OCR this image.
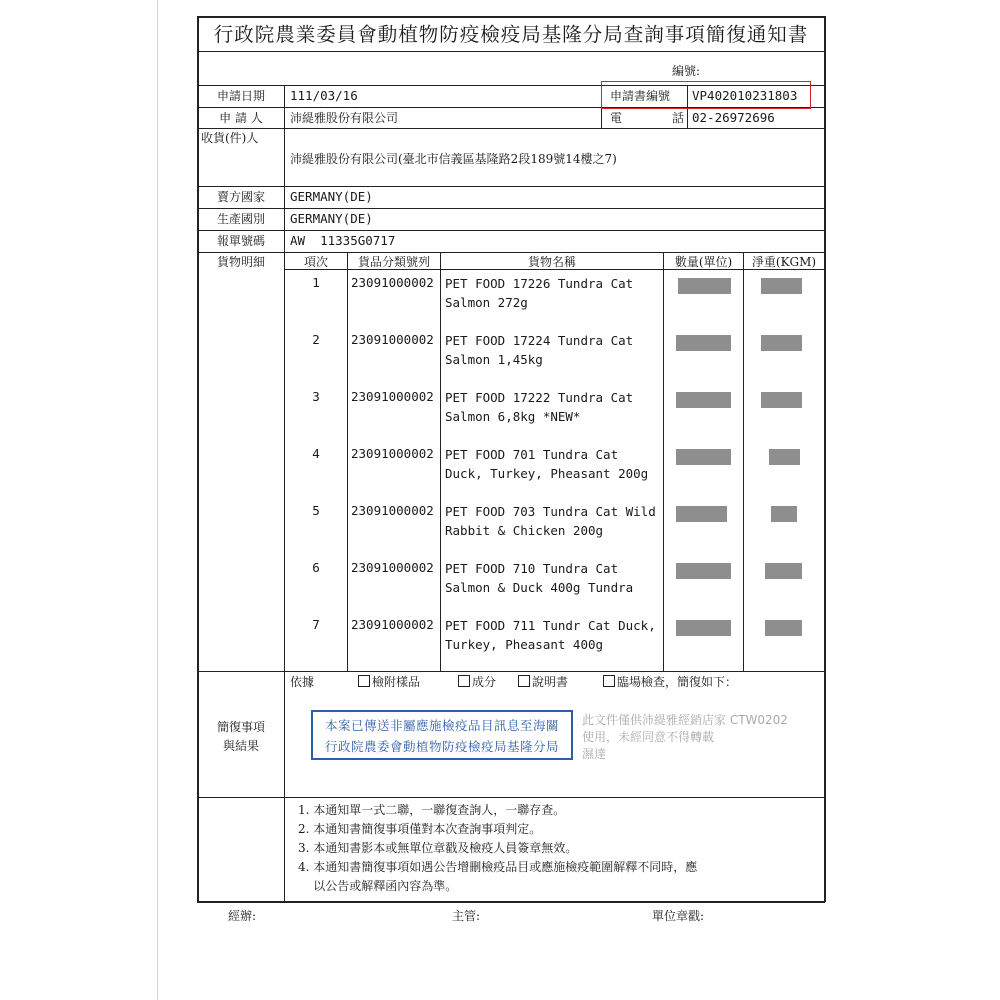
行政院農業委員會動植物防疫檢疫局基隆分局查詢事項簡復通知書
編號:
申請日期	111/03/16	申請書編號 VP402010231803
申 請 人	沛緹雅股份有限公司	電	話 02-26972696
收貨(件)人
沛緹雅股份有限公司(臺北市信義區基隆路2段189號14樓之7)
賣方國家	GERMANY(DE)
生產國別	GERMANY(DE)
報單號碼	AW  11335G0717
貨物明細	項次	貨品分類號列	貨物名稱	數量(單位)	淨重(KGM)
1	23091000002 PET FOOD 17226 Tundra Cat Salmon 272g
2	23091000002 PET FOOD 17224 Tundra Cat Salmon 1,45kg
3	23091000002 PET FOOD 17222 Tundra Cat Salmon 6,8kg *NEW*
4	23091000002 PET FOOD 701 Tundra Cat Duck, Turkey, Pheasant 200g
5	23091000002 PET FOOD 703 Tundra Cat Wild Rabbit & Chicken 200g
6	23091000002 PET FOOD 710 Tundra Cat Salmon & Duck 400g Tundra
7	23091000002 PET FOOD 711 Tundr Cat Duck, Turkey, Pheasant 400g
簡復事項
與結果
依據	檢附樣品	成分	說明書	臨場檢查，簡復如下：
本案已傳送非屬應施檢疫品目訊息至海關
行政院農委會動植物防疫檢疫局基隆分局
此文件僅供沛緹雅經銷店家 CTW0202
使用，未經同意不得轉載
濕達
1. 本通知單一式二聯，一聯復查詢人，一聯存查。
2. 本通知書簡復事項僅對本次查詢事項判定。
3. 本通知書影本或無單位章戳及檢疫人員簽章無效。
4. 本通知書簡復事項如遇公告增刪檢疫品目或應施檢疫範圍解釋不同時，應
以公告或解釋函內容為準。
經辦:	主管:	單位章戳:
